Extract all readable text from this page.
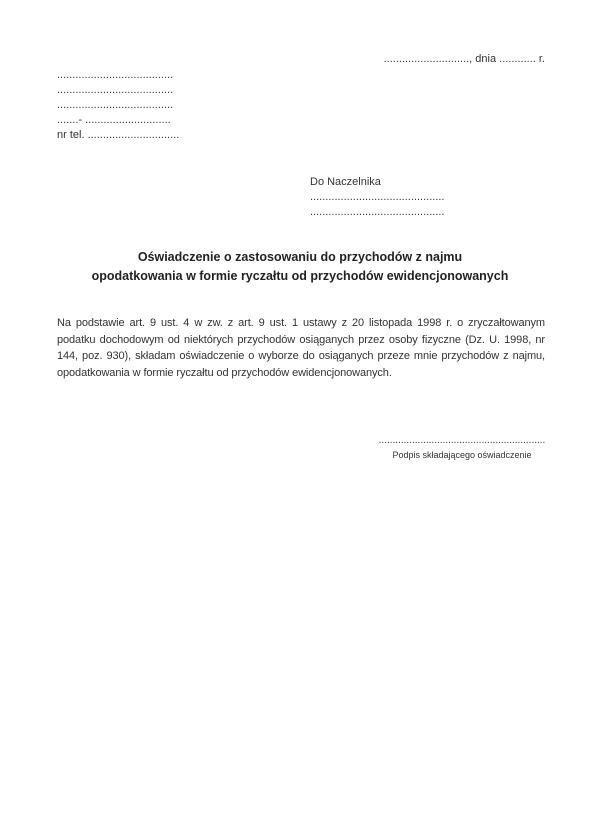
............................, dnia ............ r.
......................................
......................................
......................................
.......- ............................
nr tel. ..............................
Do Naczelnika
............................................
............................................
Oświadczenie o zastosowaniu do przychodów z najmu
opodatkowania w formie ryczałtu od przychodów ewidencjonowanych
Na podstawie art. 9 ust. 4 w zw. z art. 9 ust. 1 ustawy z 20 listopada 1998 r. o zryczałtowanym podatku dochodowym od niektórych przychodów osiąganych przez osoby fizyczne (Dz. U. 1998, nr 144, poz. 930), składam oświadczenie o wyborze do osiąganych przeze mnie przychodów z najmu, opodatkowania w formie ryczałtu od przychodów ewidencjonowanych.
............................................................
Podpis składającego oświadczenie
